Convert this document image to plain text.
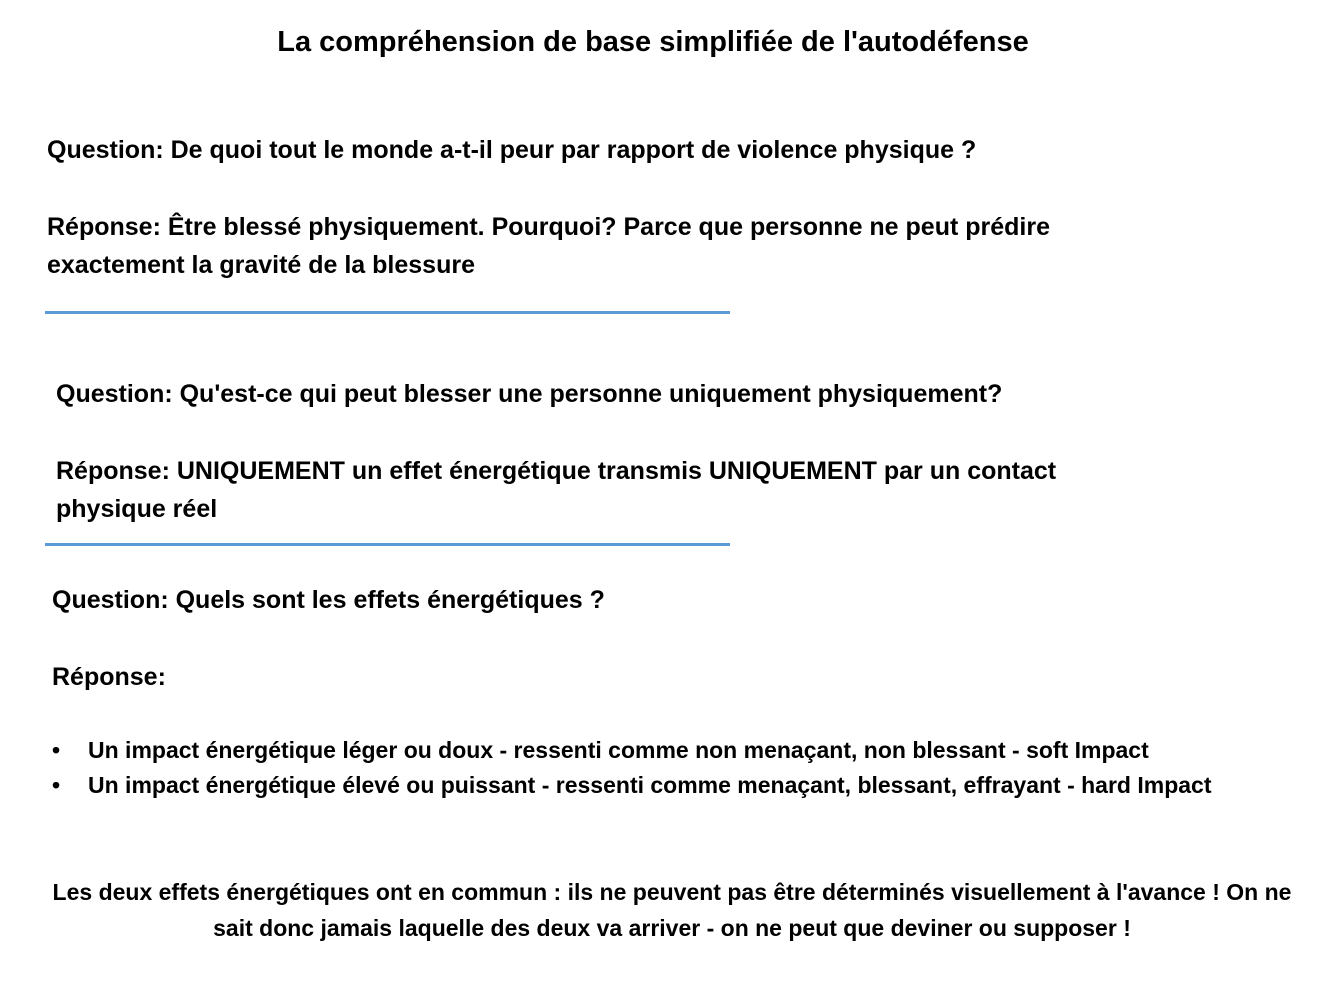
La compréhension de base simplifiée de l'autodéfense
Question: De quoi tout le monde a-t-il peur par rapport de violence physique ?
Réponse: Être blessé physiquement. Pourquoi? Parce que personne ne peut prédire
exactement la gravité de la blessure
Question: Qu'est-ce qui peut blesser une personne uniquement physiquement?
Réponse: UNIQUEMENT un effet énergétique transmis UNIQUEMENT par un contact
physique réel
Question: Quels sont les effets énergétiques ?
Réponse:
• Un impact énergétique léger ou doux - ressenti comme non menaçant, non blessant - soft Impact
• Un impact énergétique élevé ou puissant - ressenti comme menaçant, blessant, effrayant - hard Impact
Les deux effets énergétiques ont en commun : ils ne peuvent pas être déterminés visuellement à l'avance ! On ne sait donc jamais laquelle des deux va arriver - on ne peut que deviner ou supposer !
